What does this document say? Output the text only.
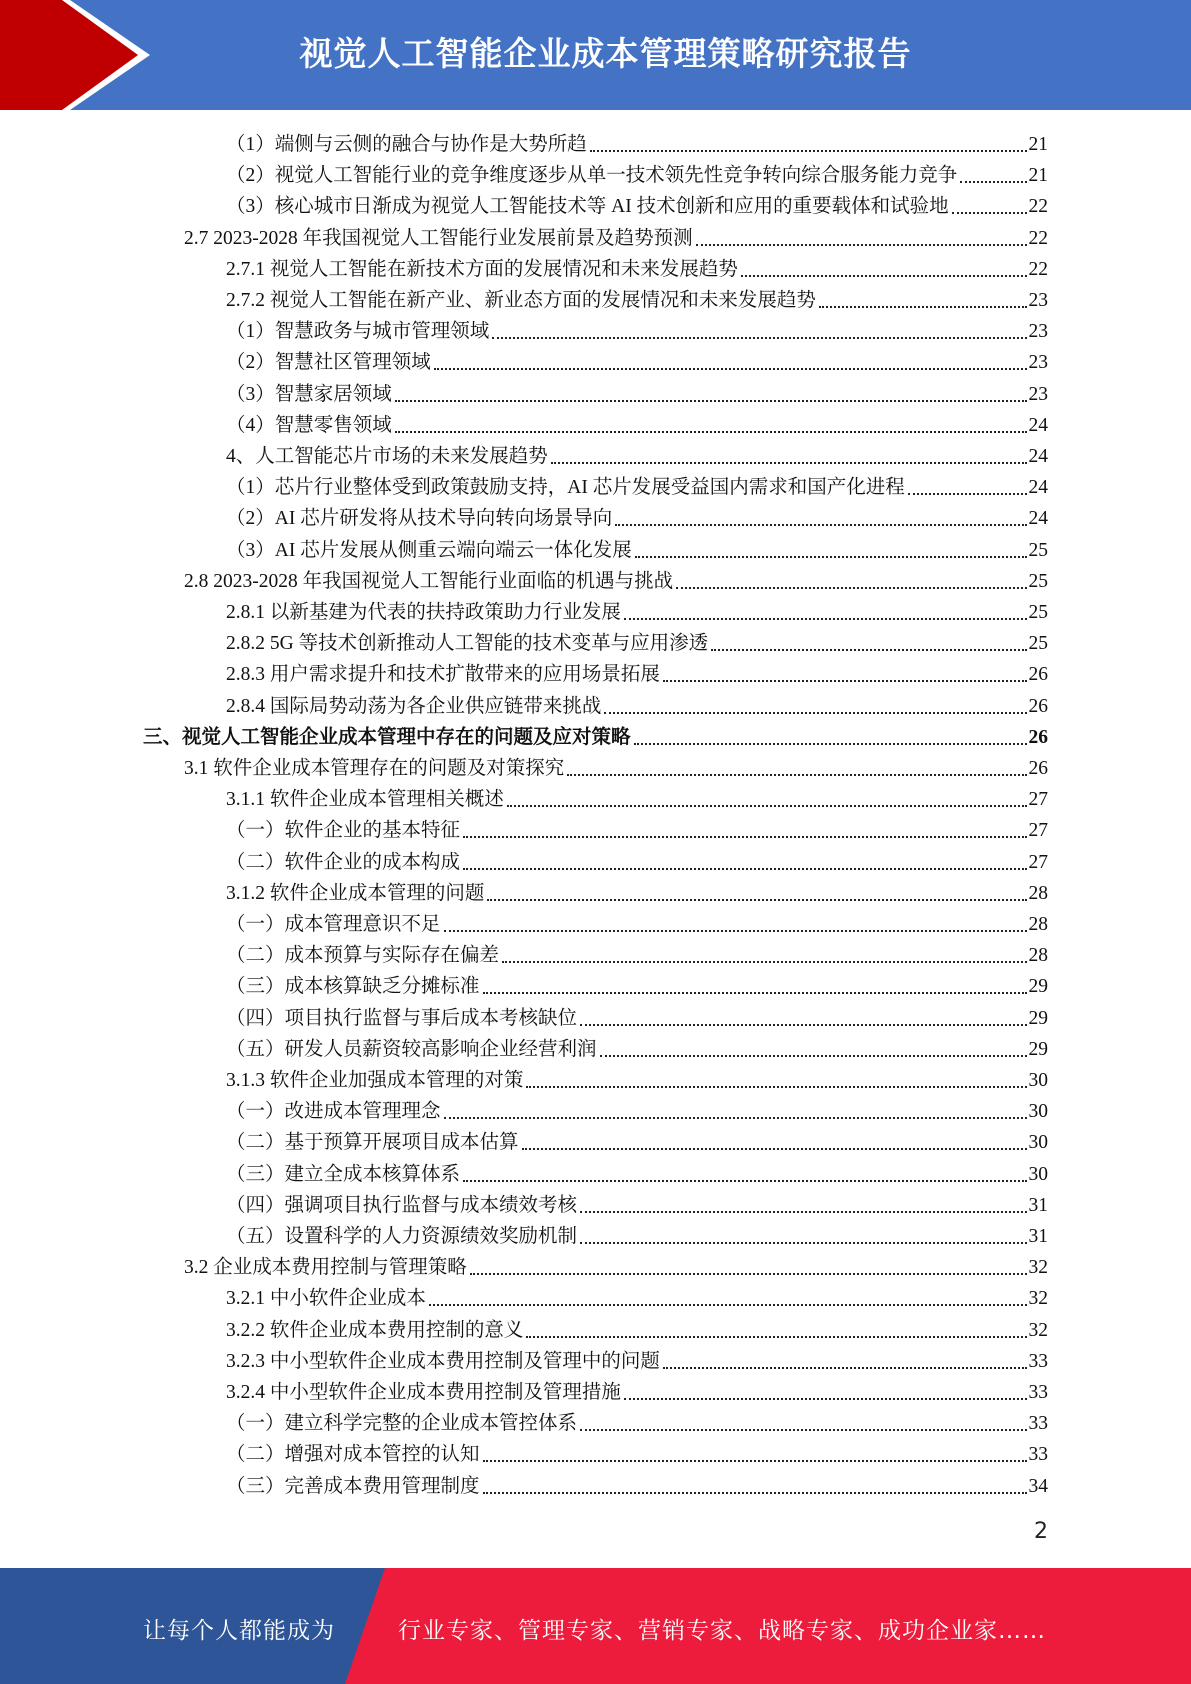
视觉人工智能企业成本管理策略研究报告
（1）端侧与云侧的融合与协作是大势所趋	21
（2）视觉人工智能行业的竞争维度逐步从单一技术领先性竞争转向综合服务能力竞争	21
（3）核心城市日渐成为视觉人工智能技术等 AI 技术创新和应用的重要载体和试验地	22
2.7 2023-2028 年我国视觉人工智能行业发展前景及趋势预测	22
2.7.1 视觉人工智能在新技术方面的发展情况和未来发展趋势	22
2.7.2 视觉人工智能在新产业、新业态方面的发展情况和未来发展趋势	23
（1）智慧政务与城市管理领域	23
（2）智慧社区管理领域	23
（3）智慧家居领域	23
（4）智慧零售领域	24
4、人工智能芯片市场的未来发展趋势	24
（1）芯片行业整体受到政策鼓励支持，AI 芯片发展受益国内需求和国产化进程	24
（2）AI 芯片研发将从技术导向转向场景导向	24
（3）AI 芯片发展从侧重云端向端云一体化发展	25
2.8 2023-2028 年我国视觉人工智能行业面临的机遇与挑战	25
2.8.1 以新基建为代表的扶持政策助力行业发展	25
2.8.2 5G 等技术创新推动人工智能的技术变革与应用渗透	25
2.8.3 用户需求提升和技术扩散带来的应用场景拓展	26
2.8.4 国际局势动荡为各企业供应链带来挑战	26
三、视觉人工智能企业成本管理中存在的问题及应对策略	26
3.1 软件企业成本管理存在的问题及对策探究	26
3.1.1 软件企业成本管理相关概述	27
（一）软件企业的基本特征	27
（二）软件企业的成本构成	27
3.1.2 软件企业成本管理的问题	28
（一）成本管理意识不足	28
（二）成本预算与实际存在偏差	28
（三）成本核算缺乏分摊标准	29
（四）项目执行监督与事后成本考核缺位	29
（五）研发人员薪资较高影响企业经营利润	29
3.1.3 软件企业加强成本管理的对策	30
（一）改进成本管理理念	30
（二）基于预算开展项目成本估算	30
（三）建立全成本核算体系	30
（四）强调项目执行监督与成本绩效考核	31
（五）设置科学的人力资源绩效奖励机制	31
3.2 企业成本费用控制与管理策略	32
3.2.1 中小软件企业成本	32
3.2.2 软件企业成本费用控制的意义	32
3.2.3 中小型软件企业成本费用控制及管理中的问题	33
3.2.4 中小型软件企业成本费用控制及管理措施	33
（一）建立科学完整的企业成本管控体系	33
（二）增强对成本管控的认知	33
（三）完善成本费用管理制度	34
2
让每个人都能成为	行业专家、管理专家、营销专家、战略专家、成功企业家……
